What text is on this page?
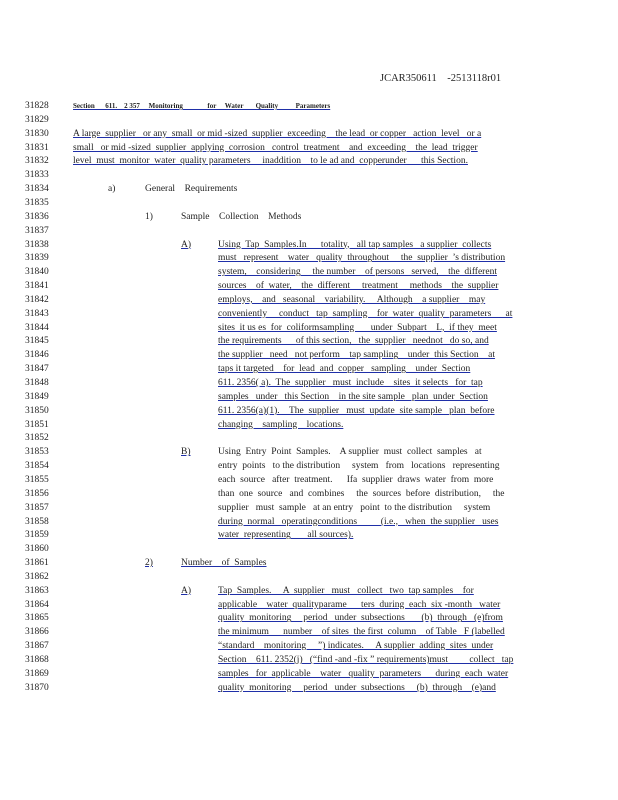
JCAR350611    -2513118r01
31828
31829
31830
31831
31832
31833
31834
31835
31836
31837
31838
31839
31840
31841
31842
31843
31844
31845
31846
31847
31848
31849
31850
31851
31852
31853
31854
31855
31856
31857
31858
31859
31860
31861
31862
31863
31864
31865
31866
31867
31868
31869
31870
Section      611.    2 357     Monitoring              for     Water       Quality          Parameters
A large  supplier   or any  small  or mid -sized  supplier  exceeding    the lead  or copper   action  level   or a
small   or mid -sized  supplier  applying  corrosion   control  treatment    and  exceeding    the  lead  trigger
level  must  monitor  water  quality parameters     inaddition    to le ad and  copperunder      this Section.
a)	General    Requirements
1)	Sample    Collection    Methods
A)	Using  Tap  Samples.In      totality,   all tap samples   a supplier  collects
must   represent    water   quality  throughout     the  supplier  ’s distribution
system,    considering     the number    of persons   served,    the  different
sources    of  water,    the  different     treatment     methods    the  supplier
employs,    and   seasonal    variability.     Although    a supplier    may
conveniently     conduct   tap  sampling    for  water  quality  parameters      at
sites  it us es  for  coliformsampling       under  Subpart    L,  if they  meet
the requirements      of this section,   the  supplier   neednot   do so, and
the supplier   need   not perform    tap sampling    under  this Section    at
taps it targeted    for  lead  and  copper   sampling    under  Section
611. 2356( a).  The  supplier   must  include    sites  it selects   for  tap
samples   under   this Section    in the site sample   plan  under  Section
611. 2356(a)(1).    The  supplier   must  update  site sample   plan  before
changing    sampling    locations.
B)	Using  Entry  Point  Samples.    A supplier  must  collect  samples   at
entry  points   to the distribution     system   from   locations   representing
each  source   after  treatment.      Ifa  supplier  draws  water  from  more
than  one  source   and  combines     the  sources  before  distribution,     the
supplier   must  sample   at an entry   point  to the distribution     system
during  normal   operatingconditions          (i.e.,   when  the supplier   uses
water  representing       all sources).
2)	Number    of  Samples
A)	Tap  Samples.     A  supplier   must   collect   two  tap samples    for
applicable    water  qualityparame      ters  during  each  six -month   water
quality  monitoring     period   under  subsections       (b)  through   (e)from
the minimum      number    of sites  the first  column    of Table   F (labelled
“standard    monitoring     ”) indicates.     A supplier  adding  sites  under
Section    611. 2352(j)   (“find -and -fix ” requirements)must         collect   tap
samples   for  applicable    water   quality  parameters      during  each  water
quality  monitoring     period   under  subsections     (b)  through    (e)and
